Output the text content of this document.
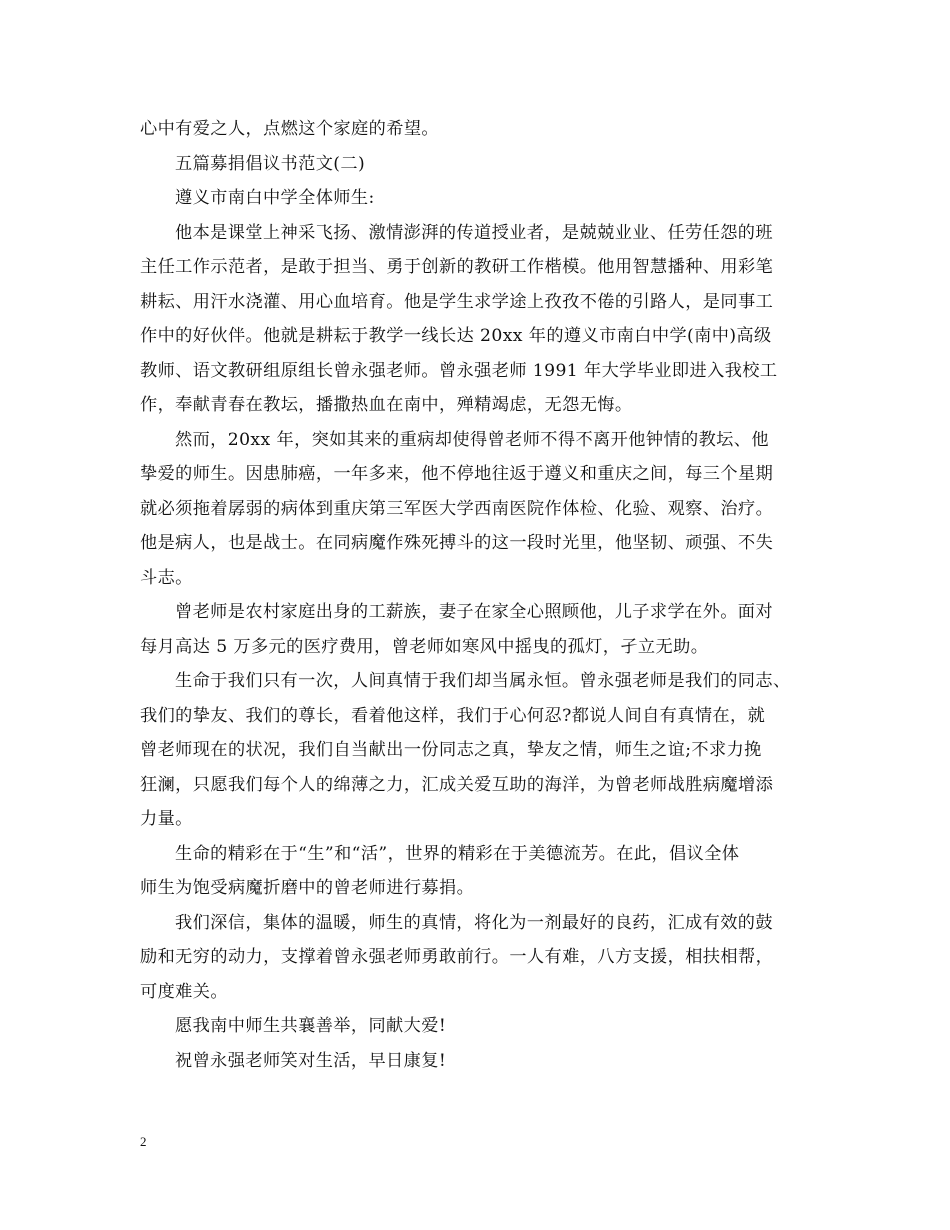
心中有爱之人，点燃这个家庭的希望。
五篇募捐倡议书范文(二)
遵义市南白中学全体师生:
他本是课堂上神采飞扬、激情澎湃的传道授业者，是兢兢业业、任劳任怨的班
主任工作示范者，是敢于担当、勇于创新的教研工作楷模。他用智慧播种、用彩笔
耕耘、用汗水浇灌、用心血培育。他是学生求学途上孜孜不倦的引路人，是同事工
作中的好伙伴。他就是耕耘于教学一线长达 20xx 年的遵义市南白中学(南中)高级
教师、语文教研组原组长曾永强老师。曾永强老师 1991 年大学毕业即进入我校工
作，奉献青春在教坛，播撒热血在南中，殚精竭虑，无怨无悔。
然而，20xx 年，突如其来的重病却使得曾老师不得不离开他钟情的教坛、他
挚爱的师生。因患肺癌，一年多来，他不停地往返于遵义和重庆之间，每三个星期
就必须拖着孱弱的病体到重庆第三军医大学西南医院作体检、化验、观察、治疗。
他是病人，也是战士。在同病魔作殊死搏斗的这一段时光里，他坚韧、顽强、不失
斗志。
曾老师是农村家庭出身的工薪族，妻子在家全心照顾他，儿子求学在外。面对
每月高达 5 万多元的医疗费用，曾老师如寒风中摇曳的孤灯，孑立无助。
生命于我们只有一次，人间真情于我们却当属永恒。曾永强老师是我们的同志、
我们的挚友、我们的尊长，看着他这样，我们于心何忍?都说人间自有真情在，就
曾老师现在的状况，我们自当献出一份同志之真，挚友之情，师生之谊;不求力挽
狂澜，只愿我们每个人的绵薄之力，汇成关爱互助的海洋，为曾老师战胜病魔增添
力量。
生命的精彩在于“生”和“活”，世界的精彩在于美德流芳。在此，倡议全体
师生为饱受病魔折磨中的曾老师进行募捐。
我们深信，集体的温暖，师生的真情，将化为一剂最好的良药，汇成有效的鼓
励和无穷的动力，支撑着曾永强老师勇敢前行。一人有难，八方支援，相扶相帮，
可度难关。
愿我南中师生共襄善举，同献大爱!
祝曾永强老师笑对生活，早日康复!
2
